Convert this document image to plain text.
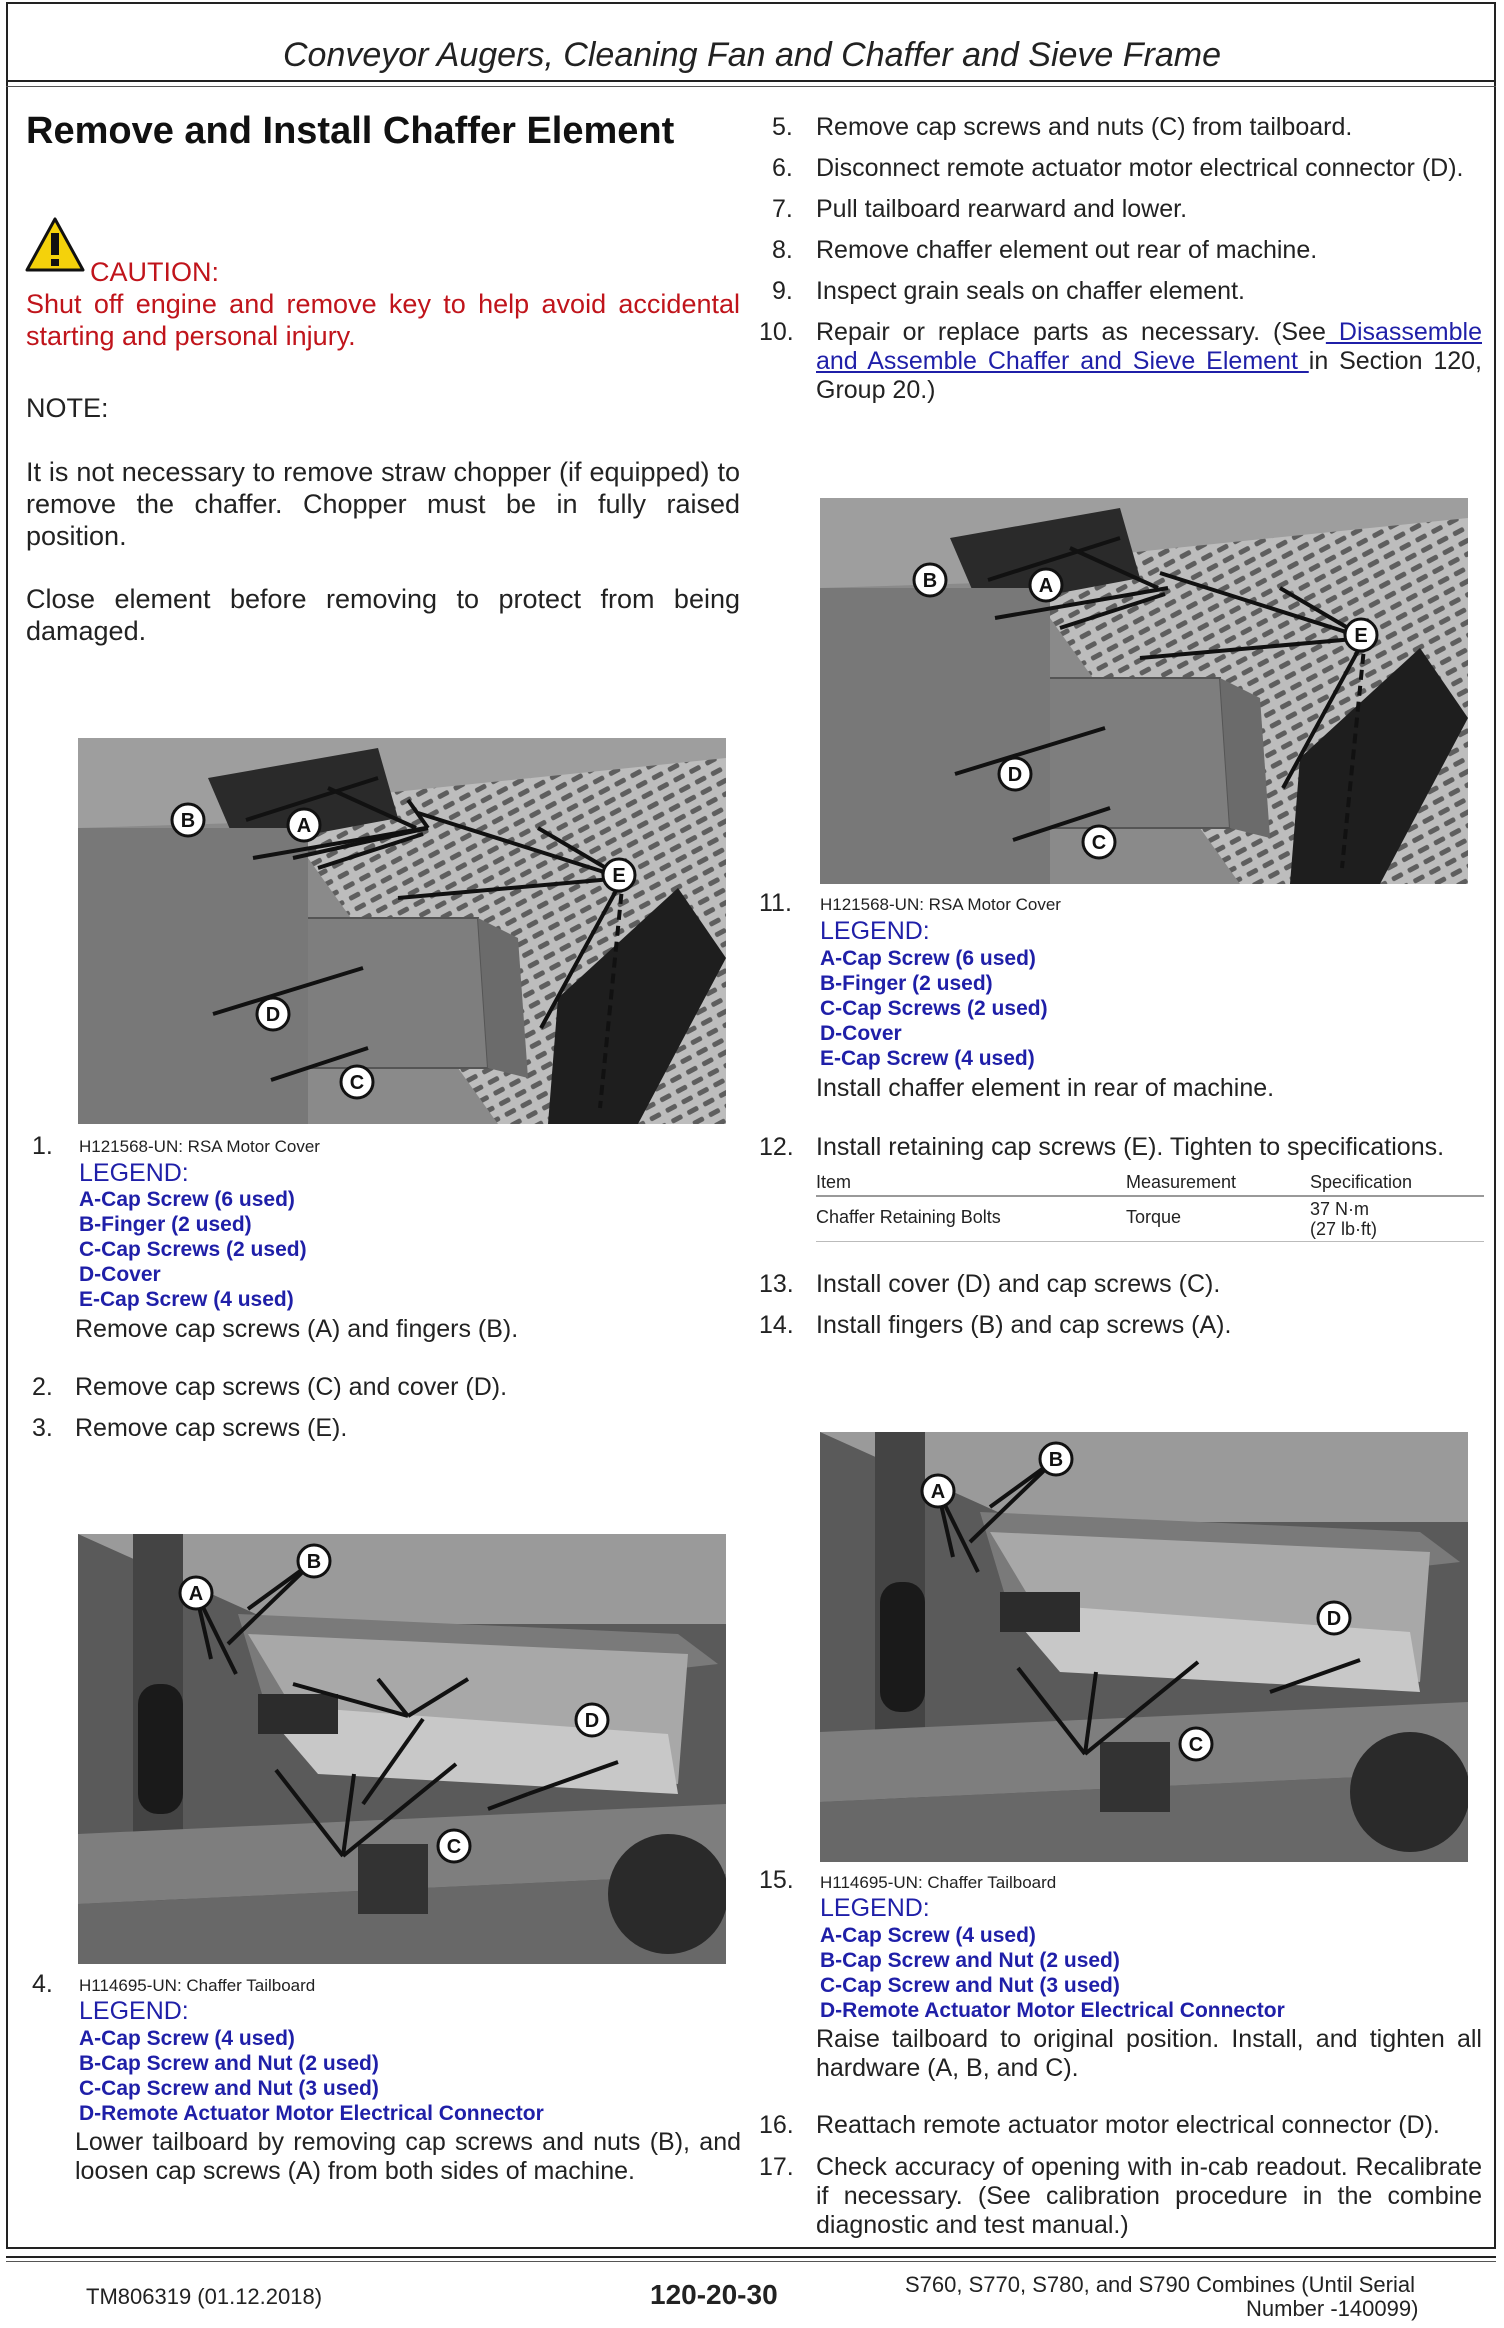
Conveyor Augers, Cleaning Fan and Chaffer and Sieve Frame
Remove and Install Chaffer Element
CAUTION:
Shut off engine and remove key to help avoid accidental starting and personal injury.
NOTE:
It is not necessary to remove straw chopper (if equipped) to remove the chaffer. Chopper must be in fully raised position.
Close element before removing to protect from being damaged.
B	A
E
D
C
1. H121568-UN: RSA Motor Cover
LEGEND:
A-Cap Screw (6 used)
B-Finger (2 used)
C-Cap Screws (2 used)
D-Cover
E-Cap Screw (4 used)
Remove cap screws (A) and fingers (B).
2. Remove cap screws (C) and cover (D).
3. Remove cap screws (E).
A
B
D
C
4. H114695-UN: Chaffer Tailboard
LEGEND:
A-Cap Screw (4 used)
B-Cap Screw and Nut (2 used)
C-Cap Screw and Nut (3 used)
D-Remote Actuator Motor Electrical Connector
Lower tailboard by removing cap screws and nuts (B), and loosen cap screws (A) from both sides of machine.
5. Remove cap screws and nuts (C) from tailboard.
6. Disconnect remote actuator motor electrical connector (D).
7. Pull tailboard rearward and lower.
8. Remove chaffer element out rear of machine.
9. Inspect grain seals on chaffer element.
10. Repair or replace parts as necessary. (See Disassemble and Assemble Chaffer and Sieve Element in Section 120, Group 20.)
B	A
E
D
C
11. H121568-UN: RSA Motor Cover
LEGEND:
A-Cap Screw (6 used)
B-Finger (2 used)
C-Cap Screws (2 used)
D-Cover
E-Cap Screw (4 used)
Install chaffer element in rear of machine.
12. Install retaining cap screws (E). Tighten to specifications.
Item	Measurement	Specification
Chaffer Retaining Bolts	Torque	37 N·m
(27 lb·ft)
13. Install cover (D) and cap screws (C).
14. Install fingers (B) and cap screws (A).
A
B
D
C
15. H114695-UN: Chaffer Tailboard
LEGEND:
A-Cap Screw (4 used)
B-Cap Screw and Nut (2 used)
C-Cap Screw and Nut (3 used)
D-Remote Actuator Motor Electrical Connector
Raise tailboard to original position. Install, and tighten all hardware (A, B, and C).
16. Reattach remote actuator motor electrical connector (D).
17. Check accuracy of opening with in-cab readout. Recalibrate if necessary. (See calibration procedure in the combine diagnostic and test manual.)
TM806319 (01.12.2018)	120-20-30	S760, S770, S780, and S790 Combines (Until Serial
Number -140099)
